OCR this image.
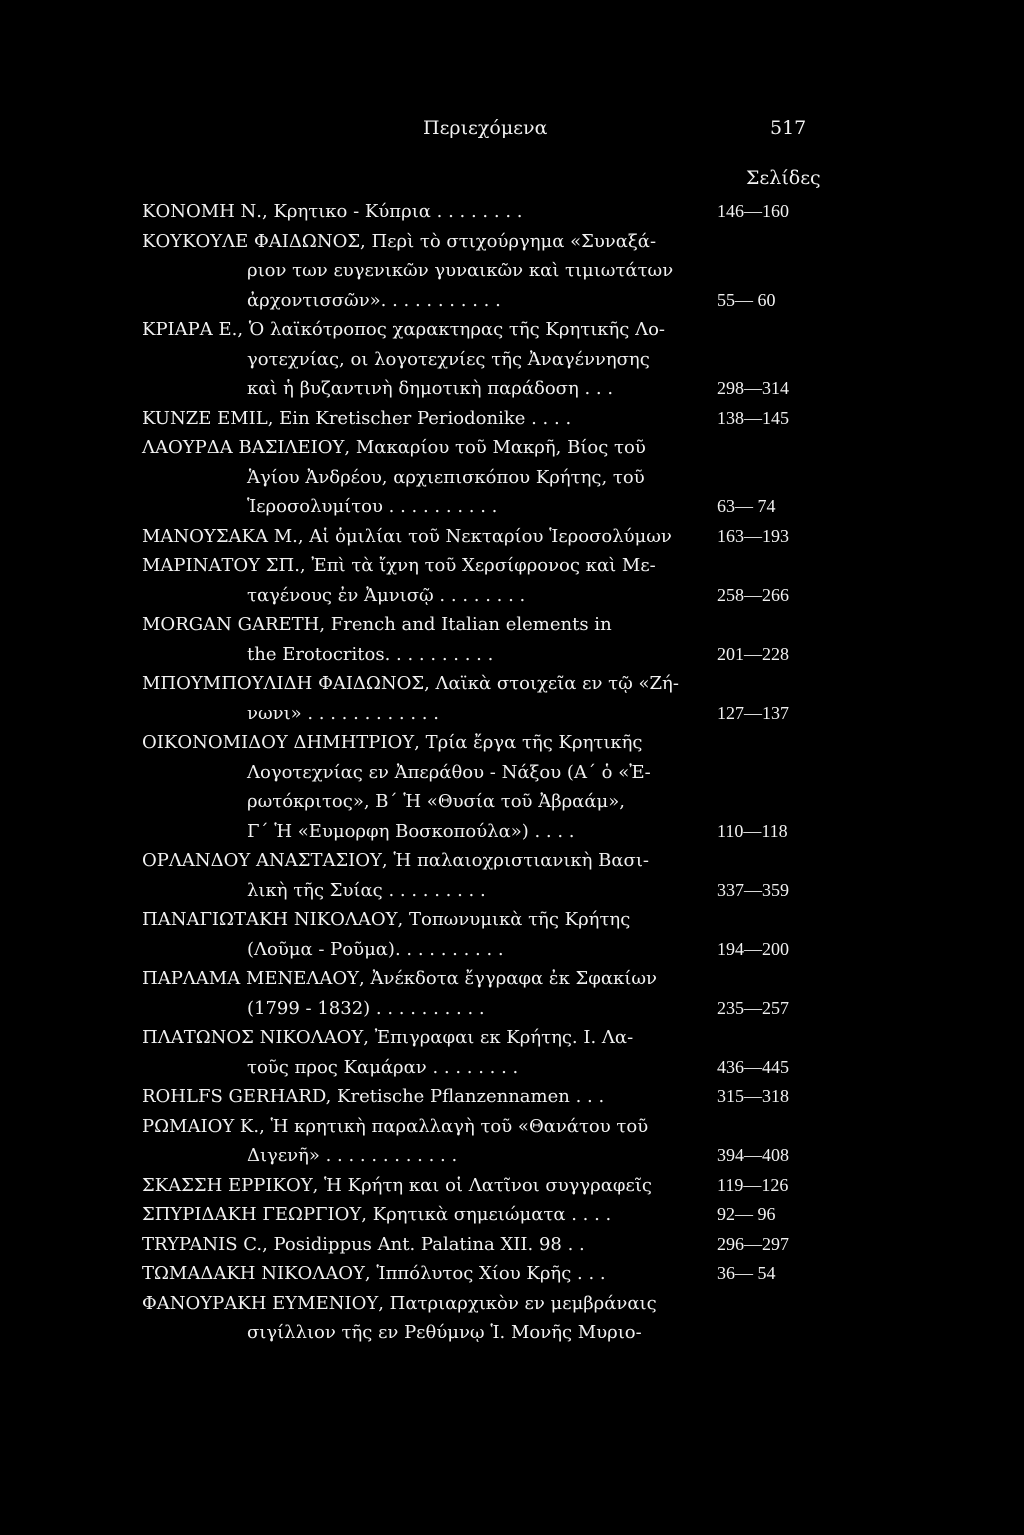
Περιεχόμενα	517
Σελίδες
ΚΟΝΟΜΗ Ν., Κρητικο - Κύπρια . . . . . . . .	146—160
ΚΟΥΚΟΥΛΕ ΦΑΙΔΩΝΟΣ, Περὶ τὸ στιχούργημα «Συναξά-
ριον των ευγενικῶν γυναικῶν καὶ τιμιωτάτων
ἀρχοντισσῶν». . . . . . . . . . .	55— 60
ΚΡΙΑΡΑ Ε., Ὁ λαϊκότροπος χαρακτηρας τῆς Κρητικῆς Λο-
γοτεχνίας, οι λογοτεχνίες τῆς Ἀναγέννησης
καὶ ἡ βυζαντινὴ δημοτικὴ παράδοση . . .	298—314
KUNZE EMIL, Ein Kretischer Periodonike . . . .	138—145
ΛΑΟΥΡΔΑ ΒΑΣΙΛΕΙΟΥ, Μακαρίου τοῦ Μακρῆ, Βίος τοῦ
Ἁγίου Ἀνδρέου, αρχιεπισκόπου Κρήτης, τοῦ
Ἱεροσολυμίτου . . . . . . . . . .	63— 74
ΜΑΝΟΥΣΑΚΑ Μ., Αἱ ὁμιλίαι τοῦ Νεκταρίου Ἱεροσολύμων	163—193
ΜΑΡΙΝΑΤΟΥ ΣΠ., Ἐπὶ τὰ ἴχνη τοῦ Χερσίφρονος καὶ Με-
ταγένους ἐν Ἀμνισῷ . . . . . . . .	258—266
MORGAN GARETH, French and Italian elements in
the Erotocritos. . . . . . . . . .	201—228
ΜΠΟΥΜΠΟΥΛΙΔΗ ΦΑΙΔΩΝΟΣ, Λαϊκὰ στοιχεῖα εν τῷ «Ζή-
νωνι» . . . . . . . . . . . .	127—137
ΟΙΚΟΝΟΜΙΔΟΥ ΔΗΜΗΤΡΙΟΥ, Τρία ἔργα τῆς Κρητικῆς
Λογοτεχνίας εν Ἀπεράθου - Νάξου (Α΄ ὁ «Ἐ-
ρωτόκριτος», Β΄ Ἡ «Θυσία τοῦ Ἀβραάμ»,
Γ΄ Ἡ «Ευμορφη Βοσκοπούλα») . . . .	110—118
ΟΡΛΑΝΔΟΥ ΑΝΑΣΤΑΣΙΟΥ, Ἡ παλαιοχριστιανικὴ Βασι-
λικὴ τῆς Συίας . . . . . . . . .	337—359
ΠΑΝΑΓΙΩΤΑΚΗ ΝΙΚΟΛΑΟΥ, Τοπωνυμικὰ τῆς Κρήτης
(Λοῦμα - Ροῦμα). . . . . . . . . .	194—200
ΠΑΡΛΑΜΑ ΜΕΝΕΛΑΟΥ, Ἀνέκδοτα ἔγγραφα ἐκ Σφακίων
(1799 - 1832) . . . . . . . . . .	235—257
ΠΛΑΤΩΝΟΣ ΝΙΚΟΛΑΟΥ, Ἐπιγραφαι εκ Κρήτης. Ι. Λα-
τοῦς προς Καμάραν . . . . . . . .	436—445
ROHLFS GERHARD, Kretische Pflanzennamen . . .	315—318
ΡΩΜΑΙΟΥ Κ., Ἡ κρητικὴ παραλλαγὴ τοῦ «Θανάτου τοῦ
Διγενῆ» . . . . . . . . . . . .	394—408
ΣΚΑΣΣΗ ΕΡΡΙΚΟΥ, Ἡ Κρήτη και οἱ Λατῖνοι συγγραφεῖς	119—126
ΣΠΥΡΙΔΑΚΗ ΓΕΩΡΓΙΟΥ, Κρητικὰ σημειώματα . . . .	92— 96
TRYPANIS C., Posidippus Ant. Palatina XII. 98 . .	296—297
ΤΩΜΑΔΑΚΗ ΝΙΚΟΛΑΟΥ, Ἱππόλυτος Χίου Κρῆς . . .	36— 54
ΦΑΝΟΥΡΑΚΗ ΕΥΜΕΝΙΟΥ, Πατριαρχικὸν εν μεμβράναις
σιγίλλιον τῆς εν Ρεθύμνῳ Ἱ. Μονῆς Μυριο-
